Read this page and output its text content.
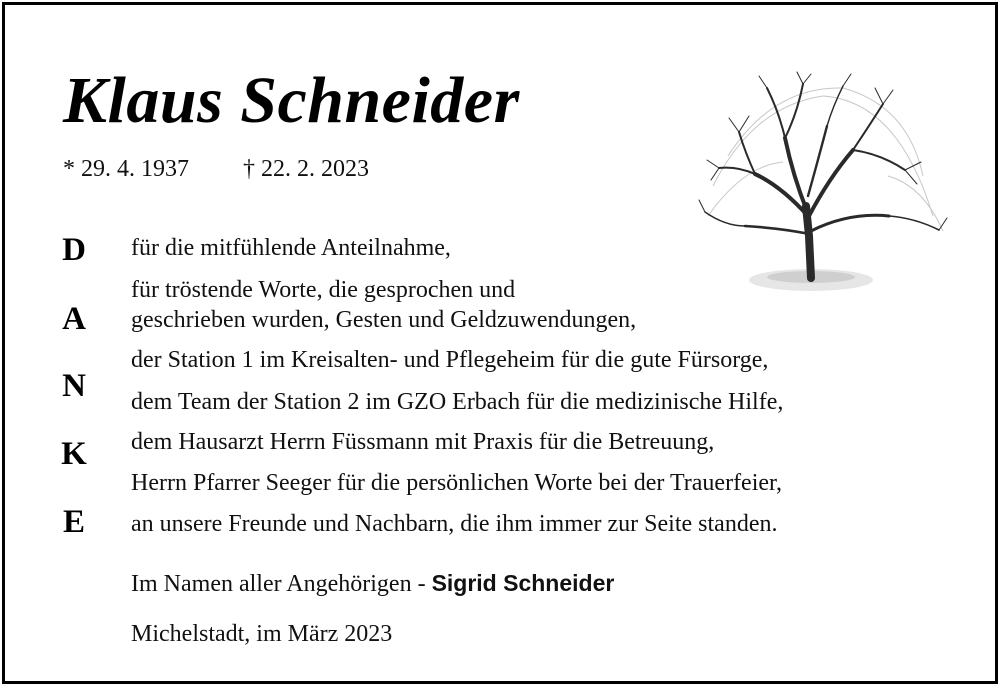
Klaus Schneider
* 29. 4. 1937 † 22. 2. 2023
D
A
N
K
E
für die mitfühlende Anteilnahme,
für tröstende Worte, die gesprochen und
geschrieben wurden, Gesten und Geldzuwendungen,
der Station 1 im Kreisalten- und Pflegeheim für die gute Fürsorge,
dem Team der Station 2 im GZO Erbach für die medizinische Hilfe,
dem Hausarzt Herrn Füssmann mit Praxis für die Betreuung,
Herrn Pfarrer Seeger für die persönlichen Worte bei der Trauerfeier,
an unsere Freunde und Nachbarn, die ihm immer zur Seite standen.
Im Namen aller Angehörigen - Sigrid Schneider
Michelstadt, im März 2023
